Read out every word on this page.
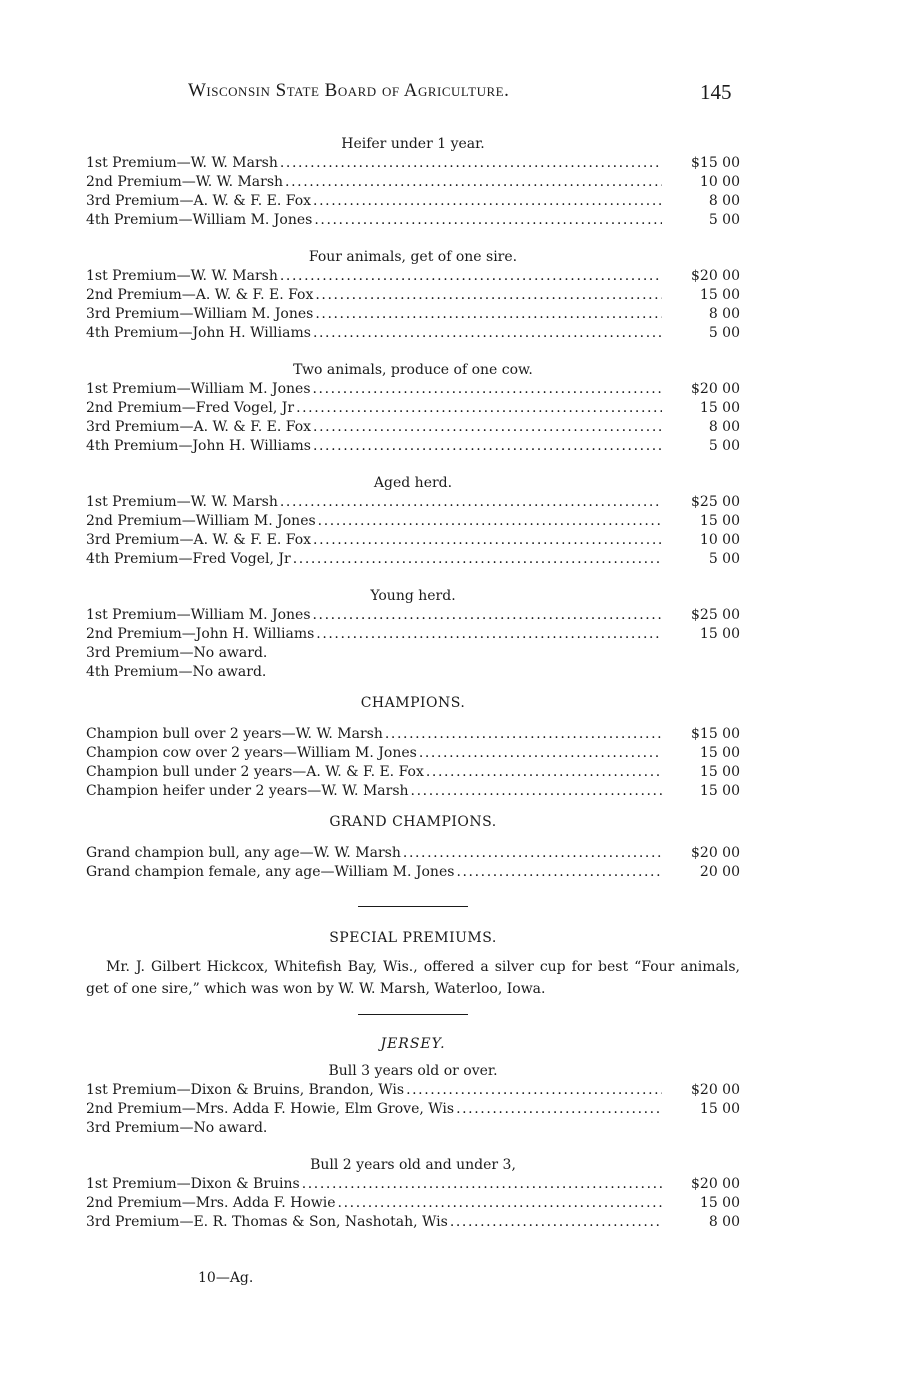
Wisconsin State Board of Agriculture.	145

Heifer under 1 year.

1st Premium—W. W. Marsh .....	$15 00
2nd Premium—W. W. Marsh .....	10 00
3rd Premium—A. W. & F. E. Fox .....	8 00
4th Premium—William M. Jones .....	5 00

Four animals, get of one sire.

1st Premium—W. W. Marsh .....	$20 00
2nd Premium—A. W. & F. E. Fox .....	15 00
3rd Premium—William M. Jones .....	8 00
4th Premium—John H. Williams .....	5 00

Two animals, produce of one cow.

1st Premium—William M. Jones .....	$20 00
2nd Premium—Fred Vogel, Jr .....	15 00
3rd Premium—A. W. & F. E. Fox .....	8 00
4th Premium—John H. Williams .....	5 00

Aged herd.

1st Premium—W. W. Marsh .....	$25 00
2nd Premium—William M. Jones .....	15 00
3rd Premium—A. W. & F. E. Fox .....	10 00
4th Premium—Fred Vogel, Jr .....	5 00

Young herd.

1st Premium—William M. Jones .....	$25 00
2nd Premium—John H. Williams .....	15 00
3rd Premium—No award.
4th Premium—No award.

CHAMPIONS.

Champion bull over 2 years—W. W. Marsh .....	$15 00
Champion cow over 2 years—William M. Jones .....	15 00
Champion bull under 2 years—A. W. & F. E. Fox .....	15 00
Champion heifer under 2 years—W. W. Marsh .....	15 00

GRAND CHAMPIONS.

Grand champion bull, any age—W. W. Marsh .....	$20 00
Grand champion female, any age—William M. Jones .....	20 00

SPECIAL PREMIUMS.

Mr. J. Gilbert Hickcox, Whitefish Bay, Wis., offered a silver cup for best “Four animals, get of one sire,” which was won by W. W. Marsh, Waterloo, Iowa.

JERSEY.

Bull 3 years old or over.

1st Premium—Dixon & Bruins, Brandon, Wis .....	$20 00
2nd Premium—Mrs. Adda F. Howie, Elm Grove, Wis .....	15 00
3rd Premium—No award.

Bull 2 years old and under 3,

1st Premium—Dixon & Bruins .....	$20 00
2nd Premium—Mrs. Adda F. Howie .....	15 00
3rd Premium—E. R. Thomas & Son, Nashotah, Wis .....	8 00
10—Ag.
